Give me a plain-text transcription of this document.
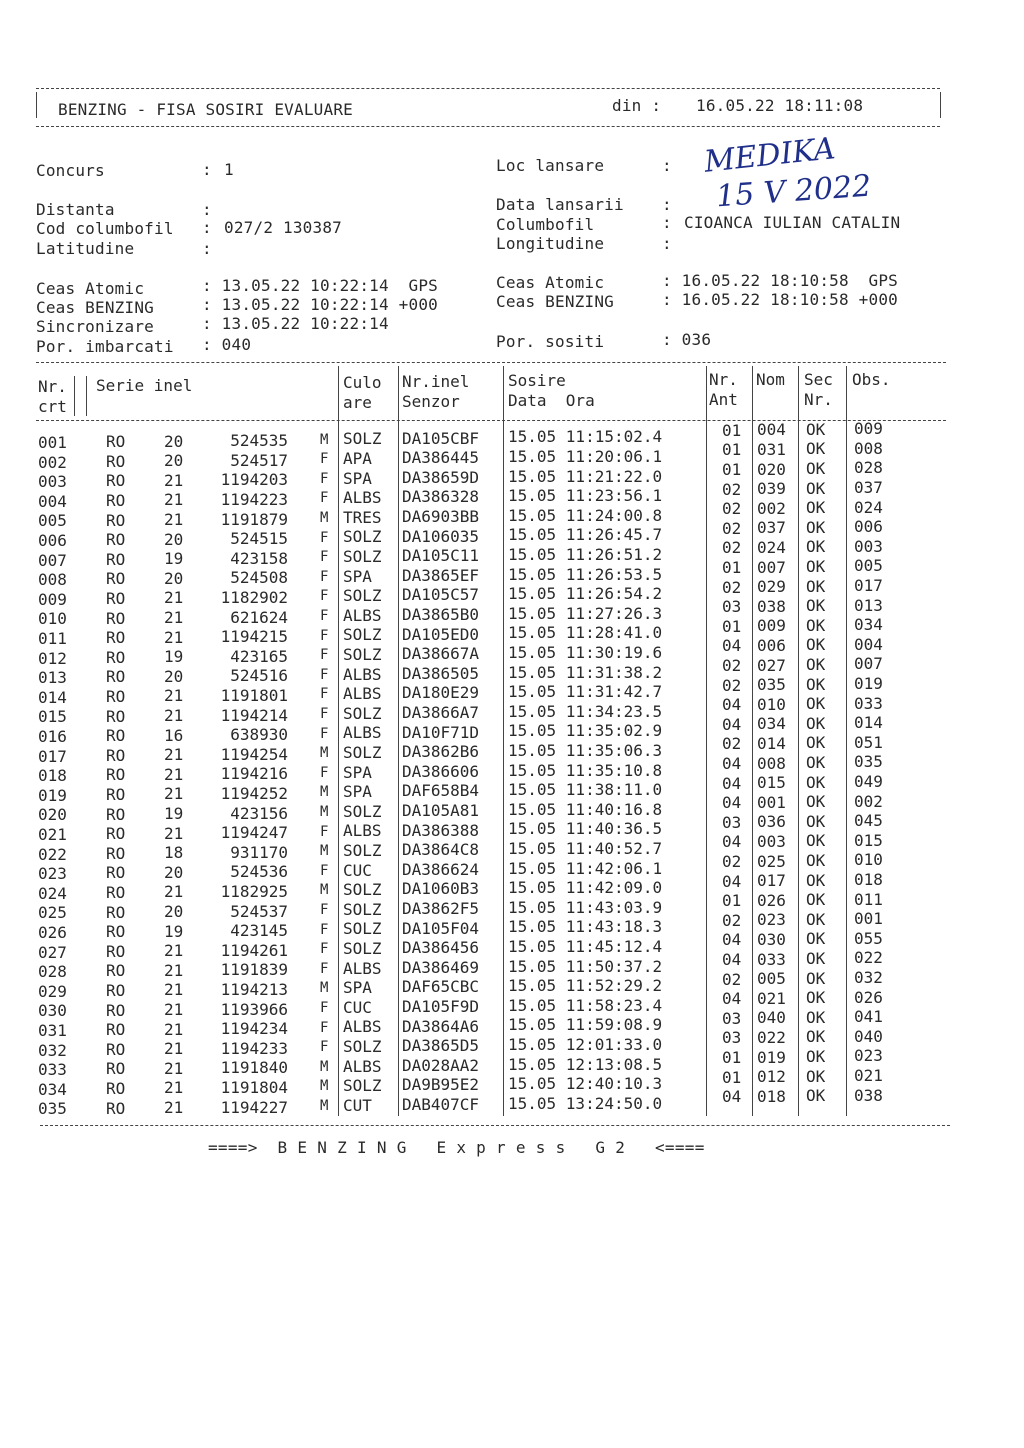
BENZING - FISA SOSIRI EVALUARE	din : 16.05.22 18:11:08
Concurs	: 1
Distanta	:
Cod columbofil : 027/2 130387
Latitudine	:
Loc lansare	: MEDIKA
Data lansarii : 15 V 2022
Columbofil	: CIOANCA IULIAN CATALIN
Longitudine	:
Ceas Atomic	: 13.05.22 10:22:14  GPS
Ceas BENZING	: 13.05.22 10:22:14 +000
Sincronizare	: 13.05.22 10:22:14
Por. imbarcati : 040
Ceas Atomic	: 16.05.22 18:10:58  GPS
Ceas BENZING	: 16.05.22 18:10:58 +000
Por. sositi	: 036
Nr.
crt
Serie inel	Culo
are
Nr.inel
Senzor
Sosire
Data  Ora
Nr.
Ant
Nom Sec
Nr.
Obs.
001	RO	20	524535 M SOLZ	DA105CBF	15.05 11:15:02.4	01 004	OK	009
002	RO	20	524517 F APA	DA386445	15.05 11:20:06.1	01 031	OK	008
003	RO	21	1194203 F SPA	DA38659D	15.05 11:21:22.0	01 020	OK	028
004	RO	21	1194223 F ALBS	DA386328	15.05 11:23:56.1	02 039	OK	037
005	RO	21	1191879 M TRES	DA6903BB	15.05 11:24:00.8	02 002	OK	024
006	RO	20	524515 F SOLZ	DA106035	15.05 11:26:45.7	02 037	OK	006
007	RO	19	423158 F SOLZ	DA105C11	15.05 11:26:51.2	02 024	OK	003
008	RO	20	524508 F SPA	DA3865EF	15.05 11:26:53.5	01 007	OK	005
009	RO	21	1182902 F SOLZ	DA105C57	15.05 11:26:54.2	02 029	OK	017
010	RO	21	621624 F ALBS	DA3865B0	15.05 11:27:26.3	03 038	OK	013
011	RO	21	1194215 F SOLZ	DA105ED0	15.05 11:28:41.0	01 009	OK	034
012	RO	19	423165 F SOLZ	DA38667A	15.05 11:30:19.6	04 006	OK	004
013	RO	20	524516 F ALBS	DA386505	15.05 11:31:38.2	02 027	OK	007
014	RO	21	1191801 F ALBS	DA180E29	15.05 11:31:42.7	02 035	OK	019
015	RO	21	1194214 F SOLZ	DA3866A7	15.05 11:34:23.5	04 010	OK	033
016	RO	16	638930 F ALBS	DA10F71D	15.05 11:35:02.9	04 034	OK	014
017	RO	21	1194254 M SOLZ	DA3862B6	15.05 11:35:06.3	02 014	OK	051
018	RO	21	1194216 F SPA	DA386606	15.05 11:35:10.8	04 008	OK	035
019	RO	21	1194252 M SPA	DAF658B4	15.05 11:38:11.0	04 015	OK	049
020	RO	19	423156 M SOLZ	DA105A81	15.05 11:40:16.8	04 001	OK	002
021	RO	21	1194247 F ALBS	DA386388	15.05 11:40:36.5	03 036	OK	045
022	RO	18	931170 M SOLZ	DA3864C8	15.05 11:40:52.7	04 003	OK	015
023	RO	20	524536 F CUC	DA386624	15.05 11:42:06.1	02 025	OK	010
024	RO	21	1182925 M SOLZ	DA1060B3	15.05 11:42:09.0	04 017	OK	018
025	RO	20	524537 F SOLZ	DA3862F5	15.05 11:43:03.9	01 026	OK	011
026	RO	19	423145 F SOLZ	DA105F04	15.05 11:43:18.3	02 023	OK	001
027	RO	21	1194261 F SOLZ	DA386456	15.05 11:45:12.4	04 030	OK	055
028	RO	21	1191839 F ALBS	DA386469	15.05 11:50:37.2	04 033	OK	022
029	RO	21	1194213 M SPA	DAF65CBC	15.05 11:52:29.2	02 005	OK	032
030	RO	21	1193966 F CUC	DA105F9D	15.05 11:58:23.4	04 021	OK	026
031	RO	21	1194234 F ALBS	DA3864A6	15.05 11:59:08.9	03 040	OK	041
032	RO	21	1194233 F SOLZ	DA3865D5	15.05 12:01:33.0	03 022	OK	040
033	RO	21	1191840 M ALBS	DA028AA2	15.05 12:13:08.5	01 019	OK	023
034	RO	21	1191804 M SOLZ	DA9B95E2	15.05 12:40:10.3	01 012	OK	021
035	RO	21	1194227 M CUT	DAB407CF	15.05 13:24:50.0	04 018	OK	038
====>  B E N Z I N G   E x p r e s s   G 2   <====
